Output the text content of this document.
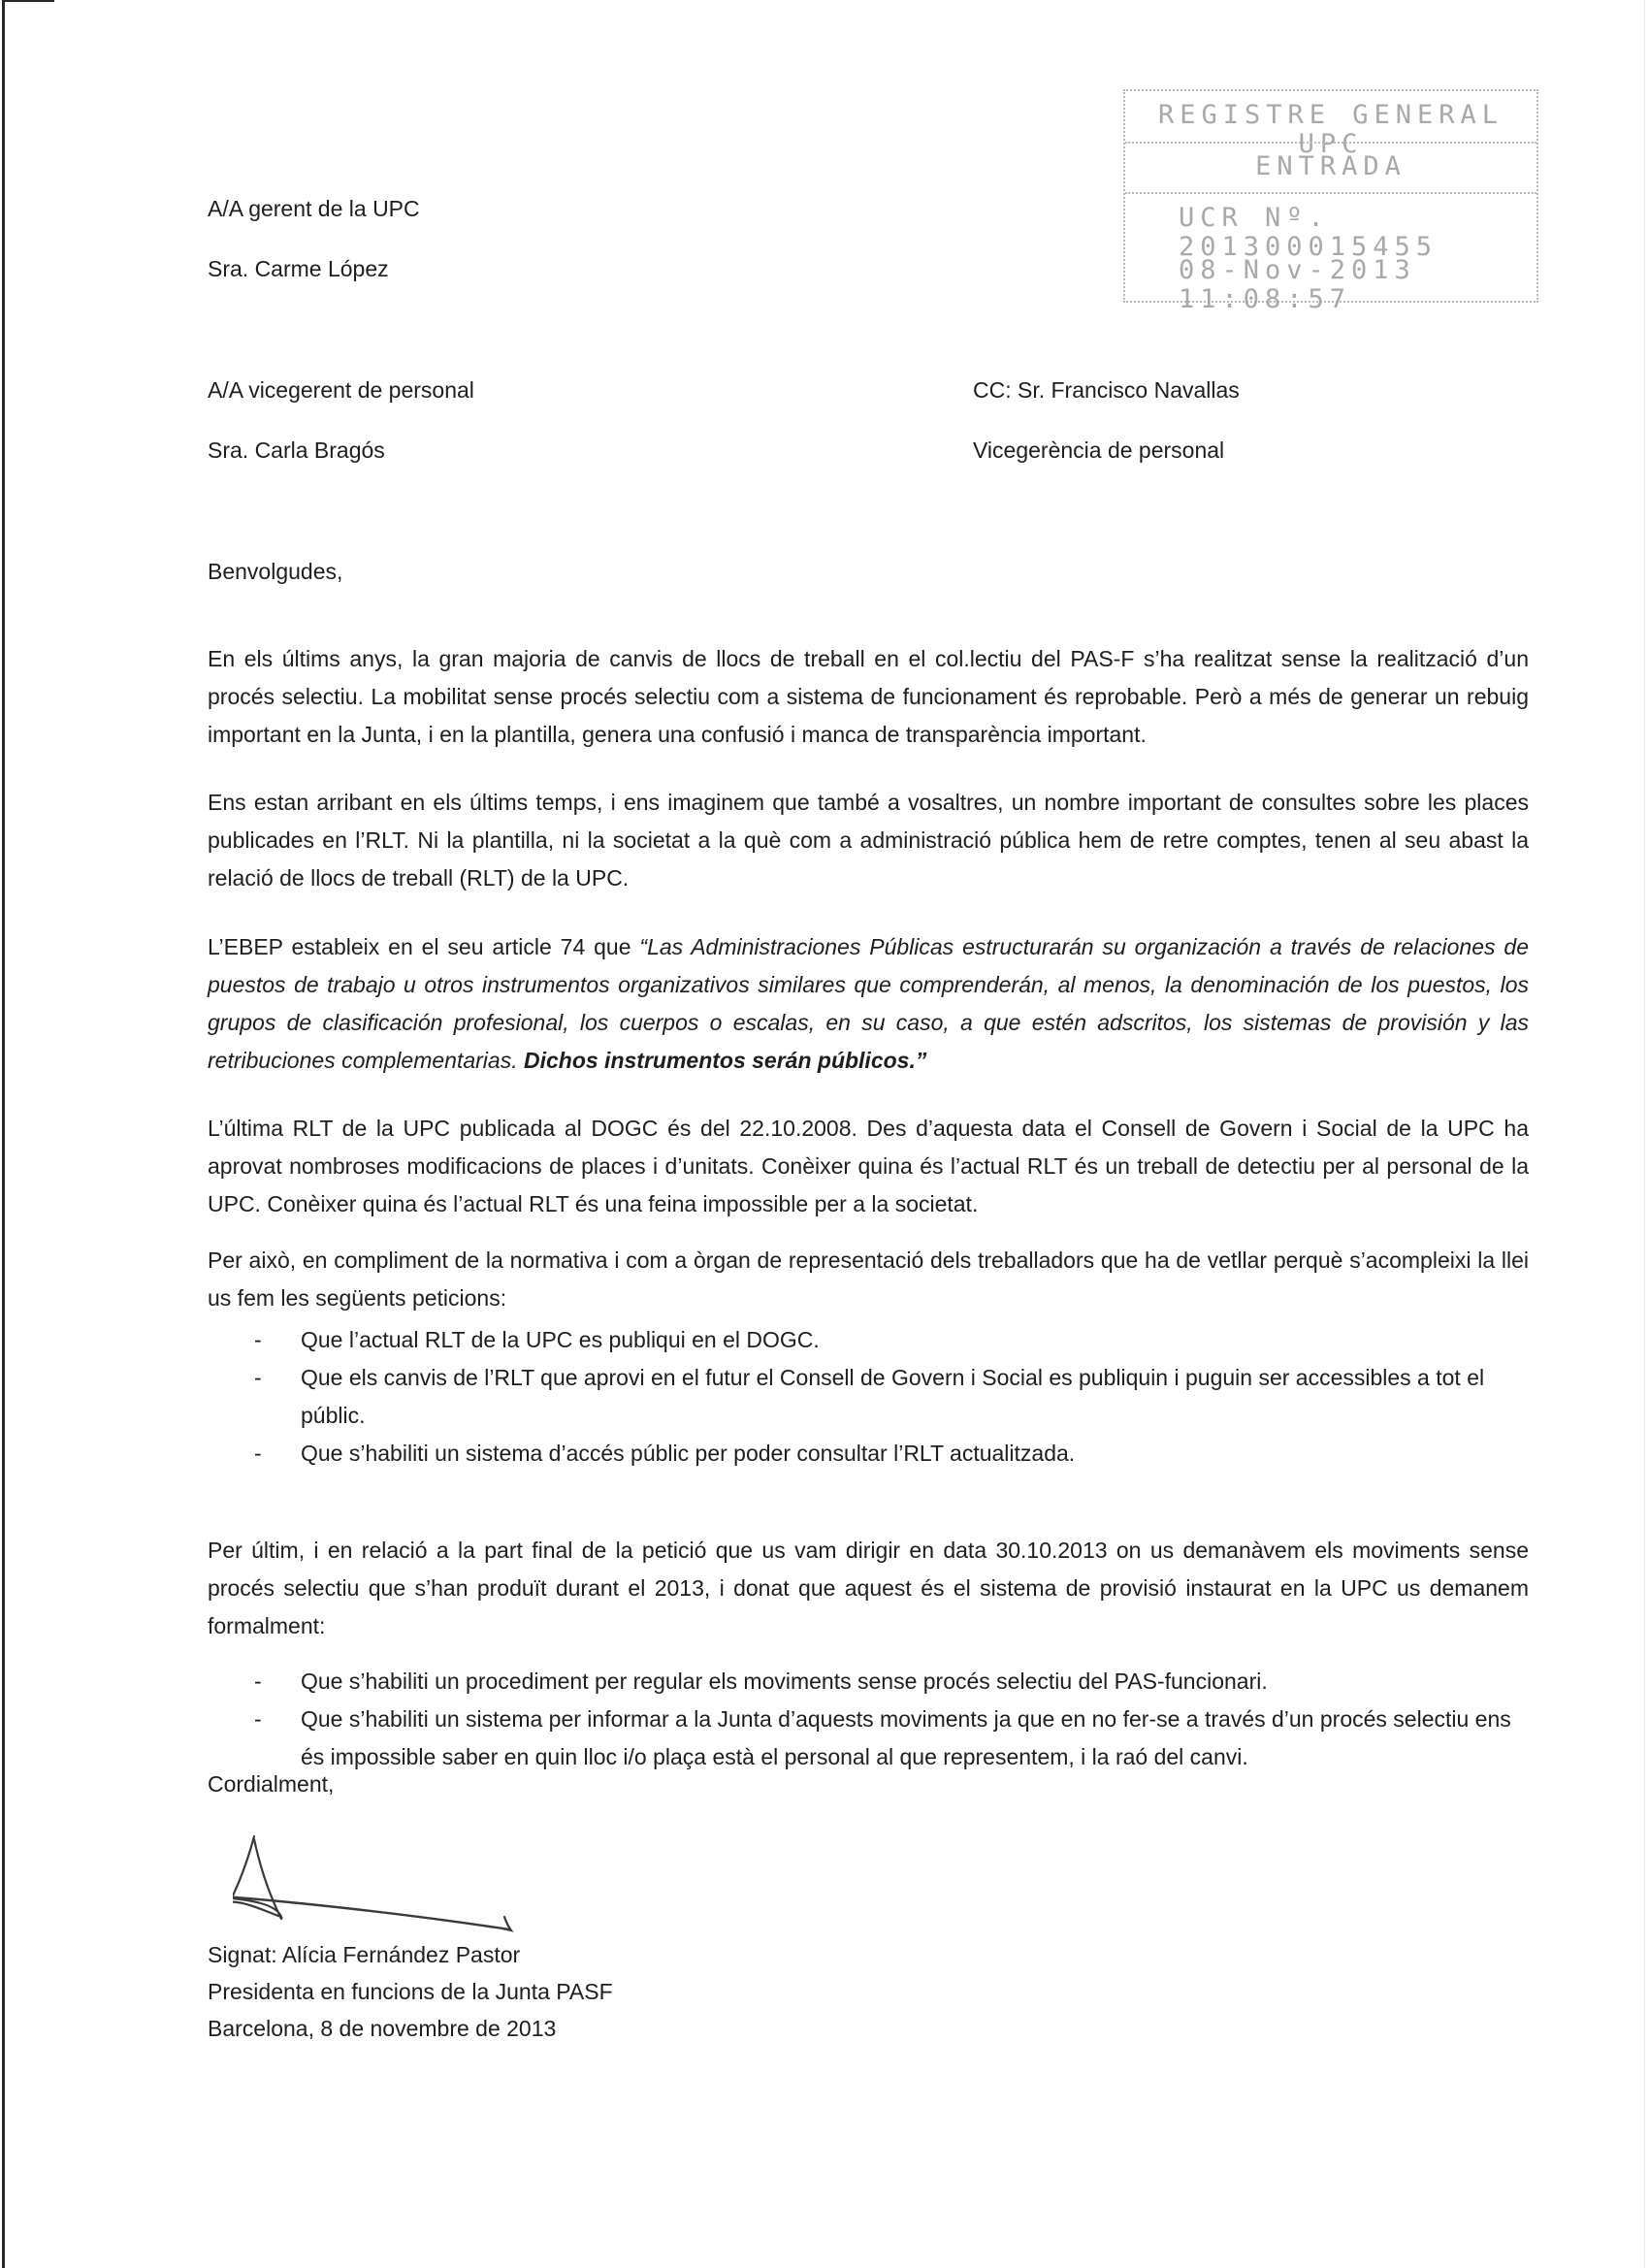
REGISTRE GENERAL UPC
ENTRADA
UCR Nº. 201300015455
08-Nov-2013 11:08:57
A/A gerent de la UPC
Sra. Carme López
A/A vicegerent de personal
Sra. Carla Bragós
CC: Sr. Francisco Navallas
Vicegerència de personal
Benvolgudes,

En els últims anys, la gran majoria de canvis de llocs de treball en el col.lectiu del PAS-F s’ha realitzat sense la realització d’un procés selectiu. La mobilitat sense procés selectiu com a sistema de funcionament és reprobable. Però a més de generar un rebuig important en la Junta, i en la plantilla, genera una confusió i manca de transparència important.

Ens estan arribant en els últims temps, i ens imaginem que també a vosaltres, un nombre important de consultes sobre les places publicades en l’RLT. Ni la plantilla, ni la societat a la què com a administració pública hem de retre comptes, tenen al seu abast la relació de llocs de treball (RLT) de la UPC.

L’EBEP estableix en el seu article 74 que “Las Administraciones Públicas estructurarán su organización a través de relaciones de puestos de trabajo u otros instrumentos organizativos similares que comprenderán, al menos, la denominación de los puestos, los grupos de clasificación profesional, los cuerpos o escalas, en su caso, a que estén adscritos, los sistemas de provisión y las retribuciones complementarias. Dichos instrumentos serán públicos.”

L’última RLT de la UPC publicada al DOGC és del 22.10.2008. Des d’aquesta data el Consell de Govern i Social de la UPC ha aprovat nombroses modificacions de places i d’unitats. Conèixer quina és l’actual RLT és un treball de detectiu per al personal de la UPC. Conèixer quina és l’actual RLT és una feina impossible per a la societat.

Per això, en compliment de la normativa i com a òrgan de representació dels treballadors que ha de vetllar perquè s’acompleixi la llei us fem les següents peticions:

- Que l’actual RLT de la UPC es publiqui en el DOGC.
- Que els canvis de l’RLT que aprovi en el futur el Consell de Govern i Social es publiquin i puguin ser accessibles a tot el públic.
- Que s’habiliti un sistema d’accés públic per poder consultar l’RLT actualitzada.

Per últim, i en relació a la part final de la petició que us vam dirigir en data 30.10.2013 on us demanàvem els moviments sense procés selectiu que s’han produït durant el 2013, i donat que aquest és el sistema de provisió instaurat en la UPC us demanem formalment:

- Que s’habiliti un procediment per regular els moviments sense procés selectiu del PAS-funcionari.
- Que s’habiliti un sistema per informar a la Junta d’aquests moviments ja que en no fer-se a través d’un procés selectiu ens és impossible saber en quin lloc i/o plaça està el personal al que representem, i la raó del canvi.
Cordialment,
Signat: Alícia Fernández Pastor
Presidenta en funcions de la Junta PASF
Barcelona, 8 de novembre de 2013
